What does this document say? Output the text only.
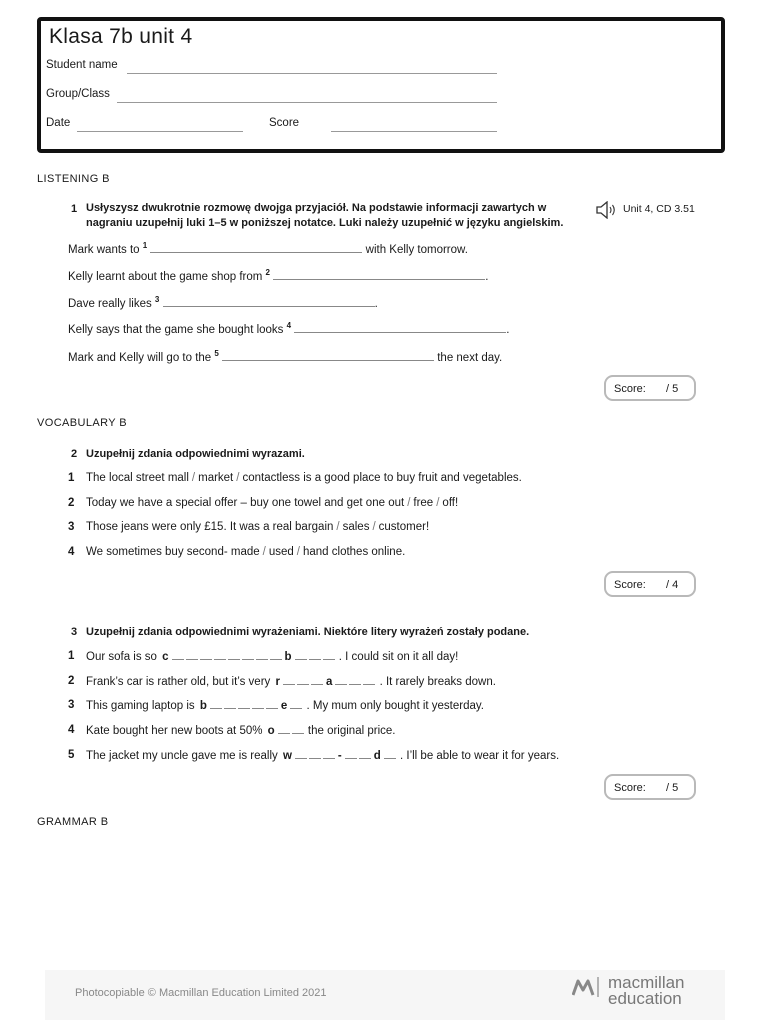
Klasa 7b unit 4
Student name
Group/Class
Date	Score
LISTENING B
1 Usłyszysz dwukrotnie rozmowę dwojga przyjaciół. Na podstawie informacji zawartych w
nagraniu uzupełnij luki 1–5 w poniższej notatce. Luki należy uzupełnić w języku angielskim.
Unit 4, CD 3.51
Mark wants to $^1$	with Kelly tomorrow.
Kelly learnt about the game shop from $^2$	.
Dave really likes $^3$	.
Kelly says that the game she bought looks $^4$	.
Mark and Kelly will go to the $^5$	the next day.
Score: / 5
VOCABULARY B
2 Uzupełnij zdania odpowiednimi wyrazami.
1 The local street mall / market / contactless is a good place to buy fruit and vegetables.
2 Today we have a special offer – buy one towel and get one out / free / off!
3 Those jeans were only £15. It was a real bargain / sales / customer!
4 We sometimes buy second- made / used / hand clothes online.
Score: / 4
3 Uzupełnij zdania odpowiednimi wyrażeniami. Niektóre litery wyrażeń zostały podane.
1 Our sofa is so c	b	. I could sit on it all day!
2 Frank’s car is rather old, but it’s very r	a	. It rarely breaks down.
3 This gaming laptop is b	e . My mum only bought it yesterday.
4 Kate bought her new boots at 50% o	the original price.
5 The jacket my uncle gave me is really w	-	d . I’ll be able to wear it for years.
Score: / 5
GRAMMAR B
Photocopiable © Macmillan Education Limited 2021
macmillan
education
